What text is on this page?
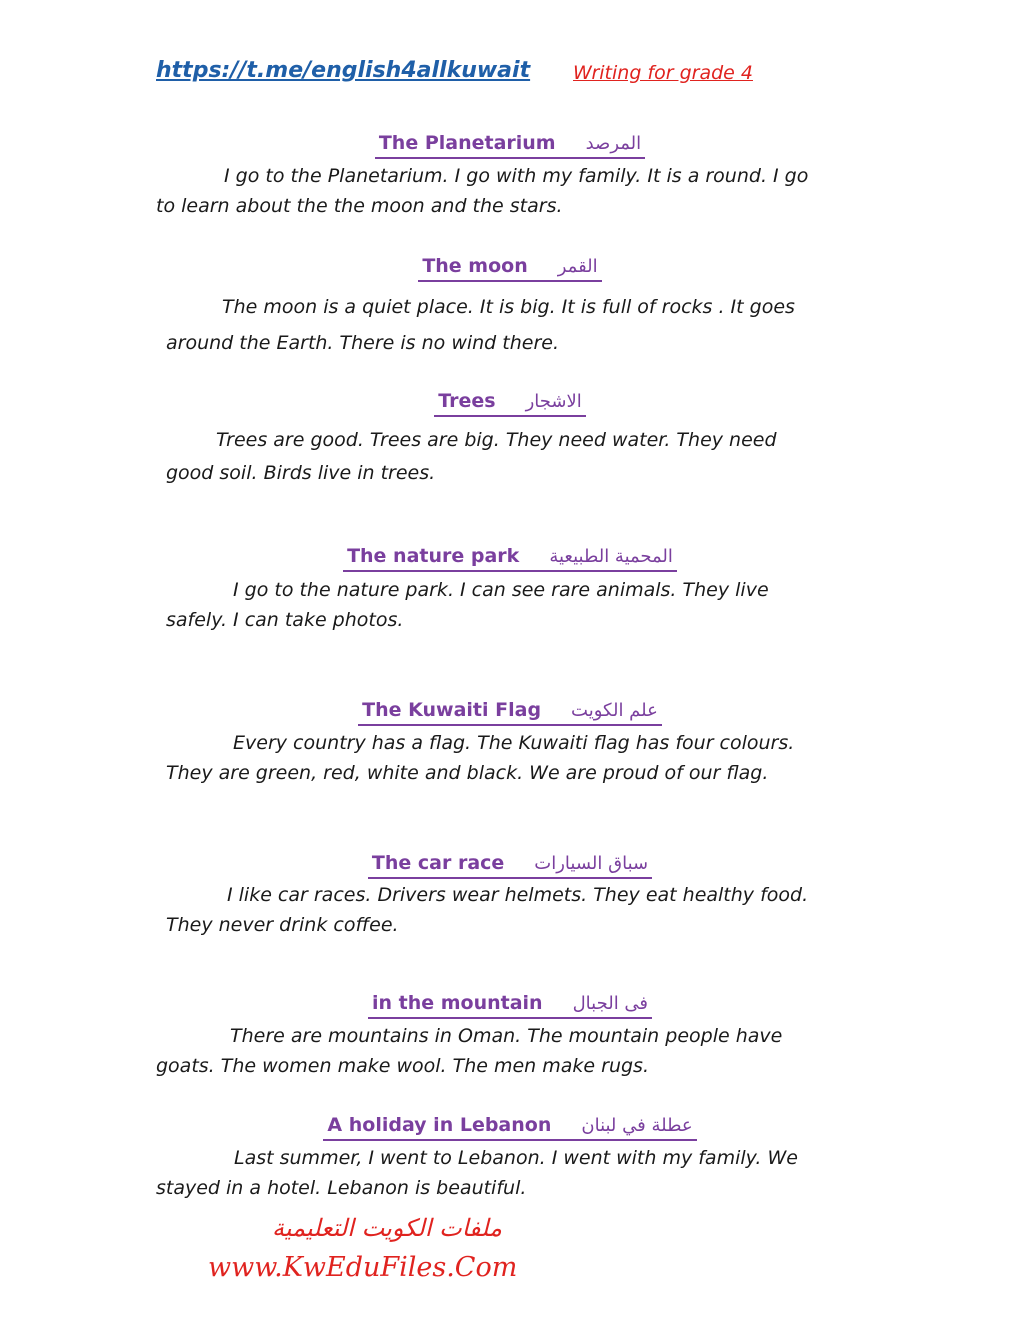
https://t.me/english4allkuwait Writing for grade 4
The Planetarium المرصد
I go to the Planetarium. I go with my family. It is a round. I go
to learn about the the moon and the stars.
The moon القمر
The moon is a quiet place. It is big. It is full of rocks . It goes
around the Earth. There is no wind there.
Trees الاشجار
Trees are good. Trees are big. They need water. They need
good soil. Birds live in trees.
The nature park المحمية الطبيعية
I go to the nature park. I can see rare animals. They live
safely. I can take photos.
The Kuwaiti Flag علم الكويت
Every country has a flag. The Kuwaiti flag has four colours.
They are green, red, white and black. We are proud of our flag.
The car race سباق السيارات
I like car races. Drivers wear helmets. They eat healthy food.
They never drink coffee.
in the mountain فى الجبال
There are mountains in Oman. The mountain people have
goats. The women make wool. The men make rugs.
A holiday in Lebanon عطلة في لبنان
Last summer, I went to Lebanon. I went with my family. We
stayed in a hotel. Lebanon is beautiful.
ملفات الكويت التعليمية
www.KwEduFiles.Com
